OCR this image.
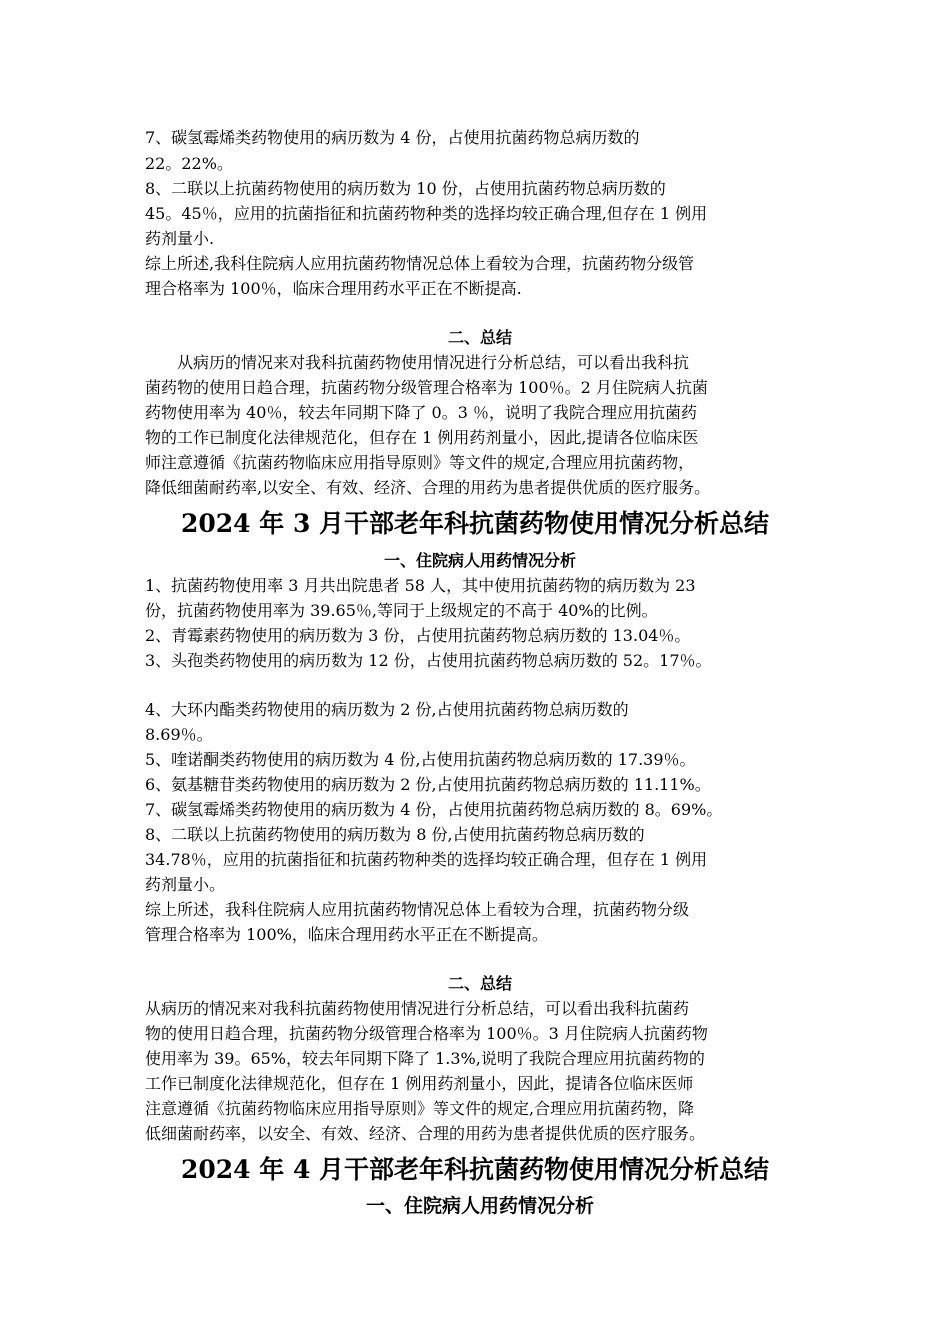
7、碳氢霉烯类药物使用的病历数为 4 份，占使用抗菌药物总病历数的
22。22%。
8、二联以上抗菌药物使用的病历数为 10 份，占使用抗菌药物总病历数的
45。45％，应用的抗菌指征和抗菌药物种类的选择均较正确合理,但存在 1 例用
药剂量小.
综上所述,我科住院病人应用抗菌药物情况总体上看较为合理，抗菌药物分级管
理合格率为 100％，临床合理用药水平正在不断提高.
二、总结
从病历的情况来对我科抗菌药物使用情况进行分析总结，可以看出我科抗
菌药物的使用日趋合理，抗菌药物分级管理合格率为 100％。2 月住院病人抗菌
药物使用率为 40％，较去年同期下降了 0。3 ％，说明了我院合理应用抗菌药
物的工作已制度化法律规范化，但存在 1 例用药剂量小，因此,提请各位临床医
师注意遵循《抗菌药物临床应用指导原则》等文件的规定,合理应用抗菌药物，
降低细菌耐药率,以安全、有效、经济、合理的用药为患者提供优质的医疗服务。
2024 年 3 月干部老年科抗菌药物使用情况分析总结
一、住院病人用药情况分析
1、抗菌药物使用率 3 月共出院患者 58 人，其中使用抗菌药物的病历数为 23
份，抗菌药物使用率为 39.65％,等同于上级规定的不高于 40%的比例。
2、青霉素药物使用的病历数为 3 份，占使用抗菌药物总病历数的 13.04％。
3、头孢类药物使用的病历数为 12 份，占使用抗菌药物总病历数的 52。17％。
4、大环内酯类药物使用的病历数为 2 份,占使用抗菌药物总病历数的
8.69％。
5、喹诺酮类药物使用的病历数为 4 份,占使用抗菌药物总病历数的 17.39％。
6、氨基糖苷类药物使用的病历数为 2 份,占使用抗菌药物总病历数的 11.11%。
7、碳氢霉烯类药物使用的病历数为 4 份，占使用抗菌药物总病历数的 8。69%。
8、二联以上抗菌药物使用的病历数为 8 份,占使用抗菌药物总病历数的
34.78％，应用的抗菌指征和抗菌药物种类的选择均较正确合理，但存在 1 例用
药剂量小。
综上所述，我科住院病人应用抗菌药物情况总体上看较为合理，抗菌药物分级
管理合格率为 100%，临床合理用药水平正在不断提高。
二、总结
从病历的情况来对我科抗菌药物使用情况进行分析总结，可以看出我科抗菌药
物的使用日趋合理，抗菌药物分级管理合格率为 100％。3 月住院病人抗菌药物
使用率为 39。65%，较去年同期下降了 1.3%,说明了我院合理应用抗菌药物的
工作已制度化法律规范化，但存在 1 例用药剂量小，因此，提请各位临床医师
注意遵循《抗菌药物临床应用指导原则》等文件的规定,合理应用抗菌药物，降
低细菌耐药率，以安全、有效、经济、合理的用药为患者提供优质的医疗服务。
2024 年 4 月干部老年科抗菌药物使用情况分析总结
一、住院病人用药情况分析
